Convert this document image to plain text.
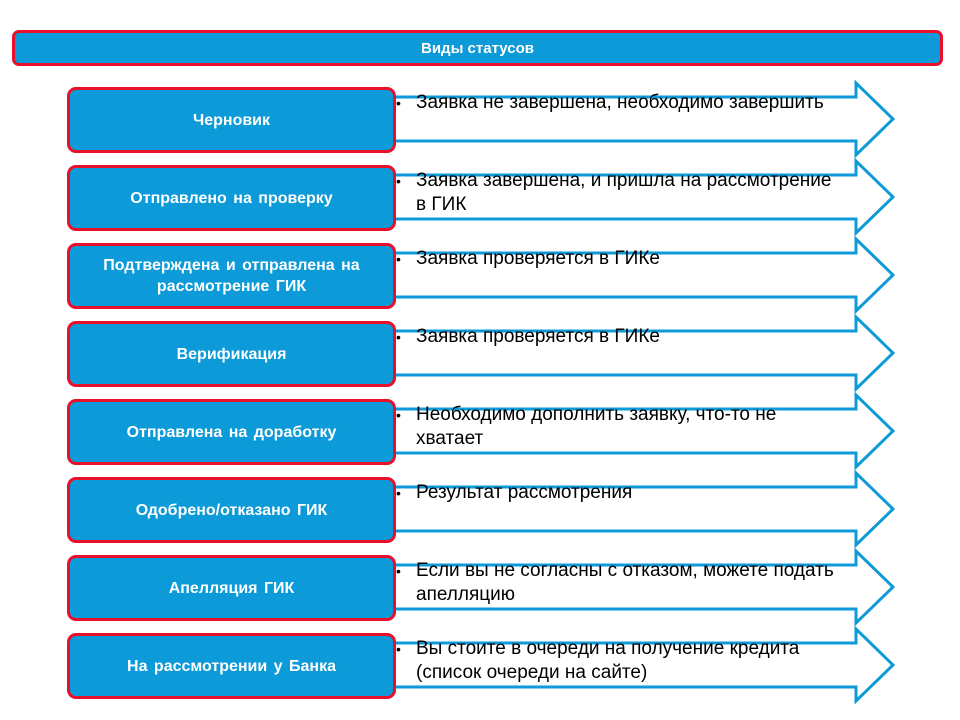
Виды статусов
Черновик
• Заявка не завершена, необходимо завершить
Отправлено на проверку
• Заявка завершена, и пришла на рассмотрение в ГИК
Подтверждена и отправлена на рассмотрение ГИК
• Заявка проверяется в ГИКе
Верификация
• Заявка проверяется в ГИКе
Отправлена на доработку
• Необходимо дополнить заявку, что-то не хватает
Одобрено/отказано ГИК
• Результат рассмотрения
Апелляция ГИК
• Если вы не согласны с отказом, можете подать апелляцию
На рассмотрении у Банка
• Вы стоите в очереди на получение кредита (список очереди на сайте)
